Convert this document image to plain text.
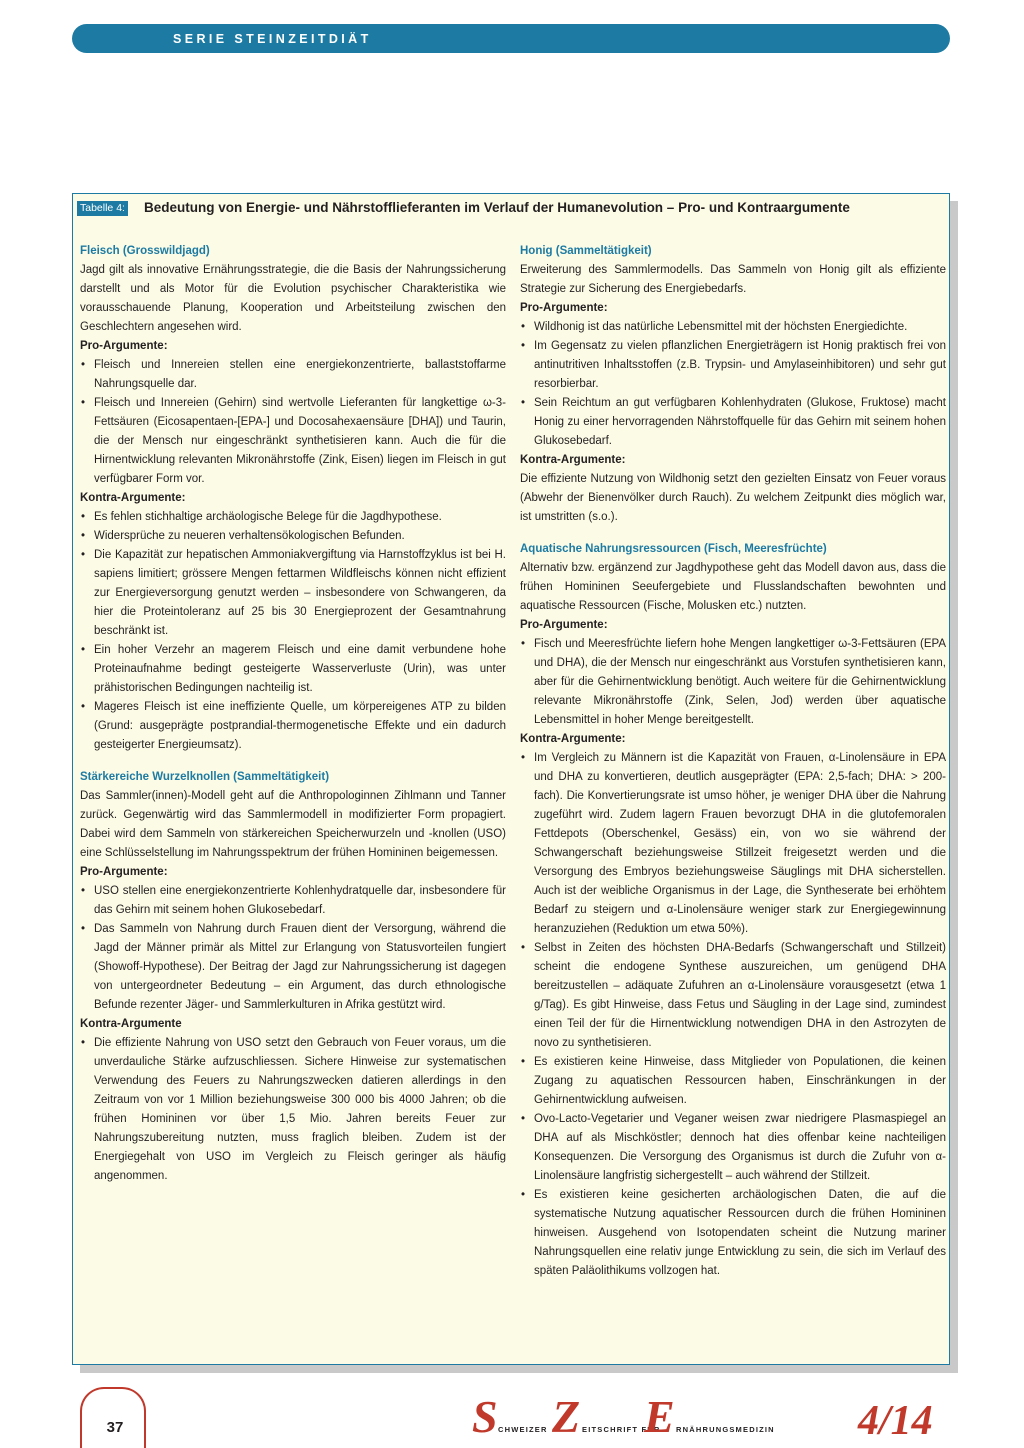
SERIE STEINZEITDIÄT
Tabelle 4: Bedeutung von Energie- und Nährstofflieferanten im Verlauf der Humanevolution – Pro- und Kontraargumente
Fleisch (Grosswildjagd)
Jagd gilt als innovative Ernährungsstrategie, die die Basis der Nahrungssicherung darstellt und als Motor für die Evolution psychischer Charakteristika wie vorausschauende Planung, Kooperation und Arbeitsteilung zwischen den Geschlechtern angesehen wird.
Pro-Argumente:
• Fleisch und Innereien stellen eine energiekonzentrierte, ballaststoffarme Nahrungsquelle dar.
• Fleisch und Innereien (Gehirn) sind wertvolle Lieferanten für langkettige ω-3-Fettsäuren (Eicosapentaen-[EPA-] und Docosahexaensäure [DHA]) und Taurin, die der Mensch nur eingeschränkt synthetisieren kann. Auch die für die Hirnentwicklung relevanten Mikronährstoffe (Zink, Eisen) liegen im Fleisch in gut verfügbarer Form vor.
Kontra-Argumente:
• Es fehlen stichhaltige archäologische Belege für die Jagdhypothese.
• Widersprüche zu neueren verhaltensökologischen Befunden.
• Die Kapazität zur hepatischen Ammoniakvergiftung via Harnstoffzyklus ist bei H. sapiens limitiert; grössere Mengen fettarmen Wildfleischs können nicht effizient zur Energieversorgung genutzt werden – insbesondere von Schwangeren, da hier die Proteintoleranz auf 25 bis 30 Energieprozent der Gesamtnahrung beschränkt ist.
• Ein hoher Verzehr an magerem Fleisch und eine damit verbundene hohe Proteinaufnahme bedingt gesteigerte Wasserverluste (Urin), was unter prähistorischen Bedingungen nachteilig ist.
• Mageres Fleisch ist eine ineffiziente Quelle, um körpereigenes ATP zu bilden (Grund: ausgeprägte postprandial-thermogenetische Effekte und ein dadurch gesteigerter Energieumsatz).
Stärkereiche Wurzelknollen (Sammeltätigkeit)
Das Sammler(innen)-Modell geht auf die Anthropologinnen Zihlmann und Tanner zurück. Gegenwärtig wird das Sammlermodell in modifizierter Form propagiert. Dabei wird dem Sammeln von stärkereichen Speicherwurzeln und -knollen (USO) eine Schlüsselstellung im Nahrungsspektrum der frühen Homininen beigemessen.
Pro-Argumente:
• USO stellen eine energiekonzentrierte Kohlenhydratquelle dar, insbesondere für das Gehirn mit seinem hohen Glukosebedarf.
• Das Sammeln von Nahrung durch Frauen dient der Versorgung, während die Jagd der Männer primär als Mittel zur Erlangung von Statusvorteilen fungiert (Showoff-Hypothese). Der Beitrag der Jagd zur Nahrungssicherung ist dagegen von untergeordneter Bedeutung – ein Argument, das durch ethnologische Befunde rezenter Jäger- und Sammlerkulturen in Afrika gestützt wird.
Kontra-Argumente
• Die effiziente Nahrung von USO setzt den Gebrauch von Feuer voraus, um die unverdauliche Stärke aufzuschliessen. Sichere Hinweise zur systematischen Verwendung des Feuers zu Nahrungszwecken datieren allerdings in den Zeitraum von vor 1 Million beziehungsweise 300 000 bis 4000 Jahren; ob die frühen Homininen vor über 1,5 Mio. Jahren bereits Feuer zur Nahrungszubereitung nutzten, muss fraglich bleiben. Zudem ist der Energiegehalt von USO im Vergleich zu Fleisch geringer als häufig angenommen.
Honig (Sammeltätigkeit)
Erweiterung des Sammlermodells. Das Sammeln von Honig gilt als effiziente Strategie zur Sicherung des Energiebedarfs.
Pro-Argumente:
• Wildhonig ist das natürliche Lebensmittel mit der höchsten Energiedichte.
• Im Gegensatz zu vielen pflanzlichen Energieträgern ist Honig praktisch frei von antinutritiven Inhaltsstoffen (z.B. Trypsin- und Amylaseinhibitoren) und sehr gut resorbierbar.
• Sein Reichtum an gut verfügbaren Kohlenhydraten (Glukose, Fruktose) macht Honig zu einer hervorragenden Nährstoffquelle für das Gehirn mit seinem hohen Glukosebedarf.
Kontra-Argumente:
Die effiziente Nutzung von Wildhonig setzt den gezielten Einsatz von Feuer voraus (Abwehr der Bienenvölker durch Rauch). Zu welchem Zeitpunkt dies möglich war, ist umstritten (s.o.).
Aquatische Nahrungsressourcen (Fisch, Meeresfrüchte)
Alternativ bzw. ergänzend zur Jagdhypothese geht das Modell davon aus, dass die frühen Homininen Seeufergebiete und Flusslandschaften bewohnten und aquatische Ressourcen (Fische, Molusken etc.) nutzten.
Pro-Argumente:
• Fisch und Meeresfrüchte liefern hohe Mengen langkettiger ω-3-Fettsäuren (EPA und DHA), die der Mensch nur eingeschränkt aus Vorstufen synthetisieren kann, aber für die Gehirnentwicklung benötigt. Auch weitere für die Gehirnentwicklung relevante Mikronährstoffe (Zink, Selen, Jod) werden über aquatische Lebensmittel in hoher Menge bereitgestellt.
Kontra-Argumente:
• Im Vergleich zu Männern ist die Kapazität von Frauen, α-Linolensäure in EPA und DHA zu konvertieren, deutlich ausgeprägter (EPA: 2,5-fach; DHA: > 200-fach). Die Konvertierungsrate ist umso höher, je weniger DHA über die Nahrung zugeführt wird. Zudem lagern Frauen bevorzugt DHA in die glutofemoralen Fettdepots (Oberschenkel, Gesäss) ein, von wo sie während der Schwangerschaft beziehungsweise Stillzeit freigesetzt werden und die Versorgung des Embryos beziehungsweise Säuglings mit DHA sicherstellen. Auch ist der weibliche Organismus in der Lage, die Syntheserate bei erhöhtem Bedarf zu steigern und α-Linolensäure weniger stark zur Energiegewinnung heranzuziehen (Reduktion um etwa 50%).
• Selbst in Zeiten des höchsten DHA-Bedarfs (Schwangerschaft und Stillzeit) scheint die endogene Synthese auszureichen, um genügend DHA bereitzustellen – adäquate Zufuhren an α-Linolensäure vorausgesetzt (etwa 1 g/Tag). Es gibt Hinweise, dass Fetus und Säugling in der Lage sind, zumindest einen Teil der für die Hirnentwicklung notwendigen DHA in den Astrozyten de novo zu synthetisieren.
• Es existieren keine Hinweise, dass Mitglieder von Populationen, die keinen Zugang zu aquatischen Ressourcen haben, Einschränkungen in der Gehirnentwicklung aufweisen.
• Ovo-Lacto-Vegetarier und Veganer weisen zwar niedrigere Plasmaspiegel an DHA auf als Mischköstler; dennoch hat dies offenbar keine nachteiligen Konsequenzen. Die Versorgung des Organismus ist durch die Zufuhr von α-Linolensäure langfristig sichergestellt – auch während der Stillzeit.
• Es existieren keine gesicherten archäologischen Daten, die auf die systematische Nutzung aquatischer Ressourcen durch die frühen Homininen hinweisen. Ausgehend von Isotopendaten scheint die Nutzung mariner Nahrungsquellen eine relativ junge Entwicklung zu sein, die sich im Verlauf des späten Paläolithikums vollzogen hat.
37	S CHWEIZER Z EITSCHRIFT FÜR
E RNÄHRUNGSMEDIZIN 4/14
